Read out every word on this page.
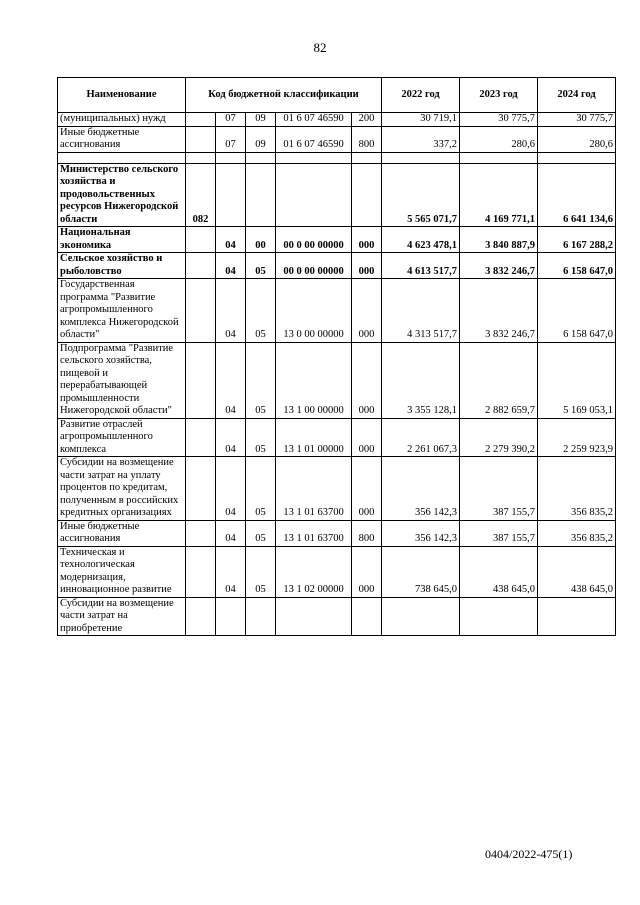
82
Наименование	Код бюджетной классификации					2022 год	2023 год	2024 год
(муниципальных) нужд		07	09	01 6 07 46590	200	30 719,1	30 775,7	30 775,7
Иные бюджетные ассигнования		07	09	01 6 07 46590	800	337,2	280,6	280,6

Министерство сельского хозяйства и продовольственных ресурсов Нижегородской области	082					5 565 071,7	4 169 771,1	6 641 134,6
Национальная экономика		04	00	00 0 00 00000	000	4 623 478,1	3 840 887,9	6 167 288,2
Сельское хозяйство и рыболовство		04	05	00 0 00 00000	000	4 613 517,7	3 832 246,7	6 158 647,0
Государственная программа "Развитие агропромышленного комплекса Нижегородской области"		04	05	13 0 00 00000	000	4 313 517,7	3 832 246,7	6 158 647,0
Подпрограмма "Развитие сельского хозяйства, пищевой и перерабатывающей промышленности Нижегородской области"		04	05	13 1 00 00000	000	3 355 128,1	2 882 659,7	5 169 053,1
Развитие отраслей агропромышленного комплекса		04	05	13 1 01 00000	000	2 261 067,3	2 279 390,2	2 259 923,9
Субсидии на возмещение части затрат на уплату процентов по кредитам, полученным в российских кредитных организациях		04	05	13 1 01 63700	000	356 142,3	387 155,7	356 835,2
Иные бюджетные ассигнования		04	05	13 1 01 63700	800	356 142,3	387 155,7	356 835,2
Техническая и технологическая модернизация, инновационное развитие		04	05	13 1 02 00000	000	738 645,0	438 645,0	438 645,0
Субсидии на возмещение части затрат на приобретение								
0404/2022-475(1)
